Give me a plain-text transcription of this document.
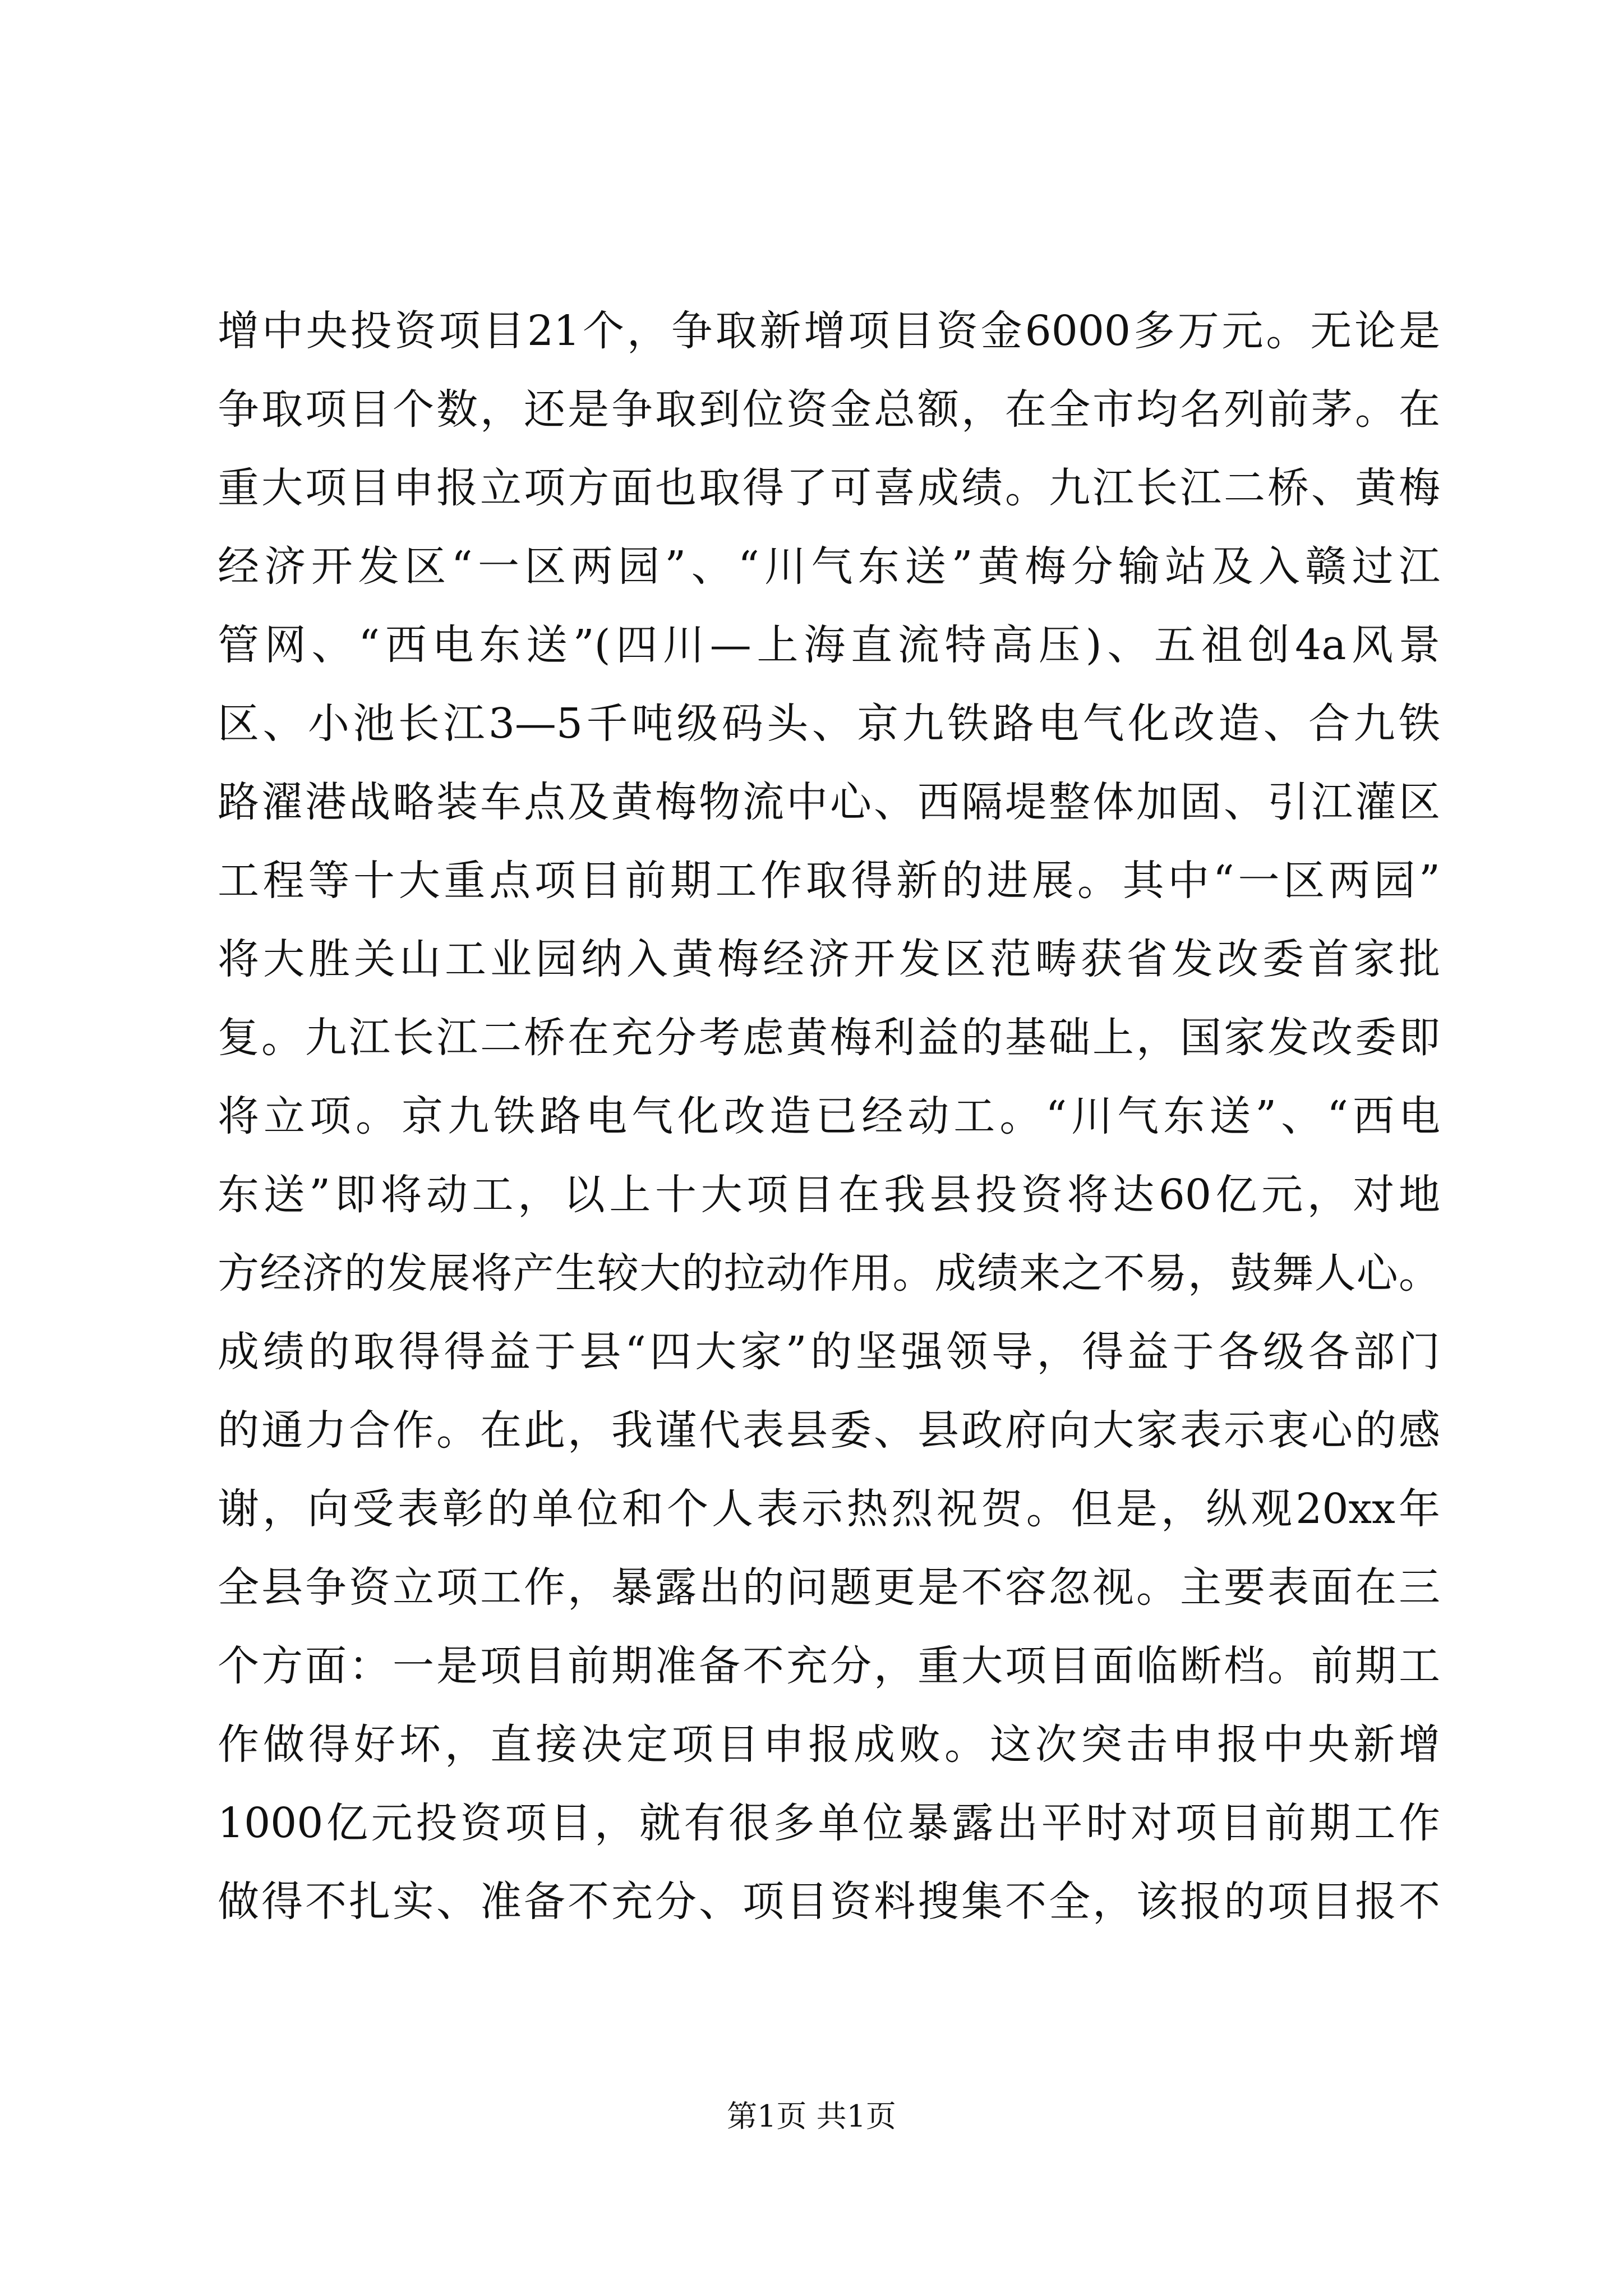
增中央投资项目21个，争取新增项目资金6000多万元。无论是
争取项目个数，还是争取到位资金总额，在全市均名列前茅。在
重大项目申报立项方面也取得了可喜成绩。九江长江二桥、黄梅
经济开发区“一区两园”、“川气东送”黄梅分输站及入赣过江
管网、“西电东送”(四川—上海直流特高压)、五祖创4a风景
区、小池长江3—5千吨级码头、京九铁路电气化改造、合九铁
路濯港战略装车点及黄梅物流中心、西隔堤整体加固、引江灌区
工程等十大重点项目前期工作取得新的进展。其中“一区两园”
将大胜关山工业园纳入黄梅经济开发区范畴获省发改委首家批
复。九江长江二桥在充分考虑黄梅利益的基础上，国家发改委即
将立项。京九铁路电气化改造已经动工。“川气东送”、“西电
东送”即将动工，以上十大项目在我县投资将达60亿元，对地
方经济的发展将产生较大的拉动作用。成绩来之不易，鼓舞人心。
成绩的取得得益于县“四大家”的坚强领导，得益于各级各部门
的通力合作。在此，我谨代表县委、县政府向大家表示衷心的感
谢，向受表彰的单位和个人表示热烈祝贺。但是，纵观20xx年
全县争资立项工作，暴露出的问题更是不容忽视。主要表面在三
个方面：一是项目前期准备不充分，重大项目面临断档。前期工
作做得好坏，直接决定项目申报成败。这次突击申报中央新增
1000亿元投资项目，就有很多单位暴露出平时对项目前期工作
做得不扎实、准备不充分、项目资料搜集不全，该报的项目报不
第1页 共1页
